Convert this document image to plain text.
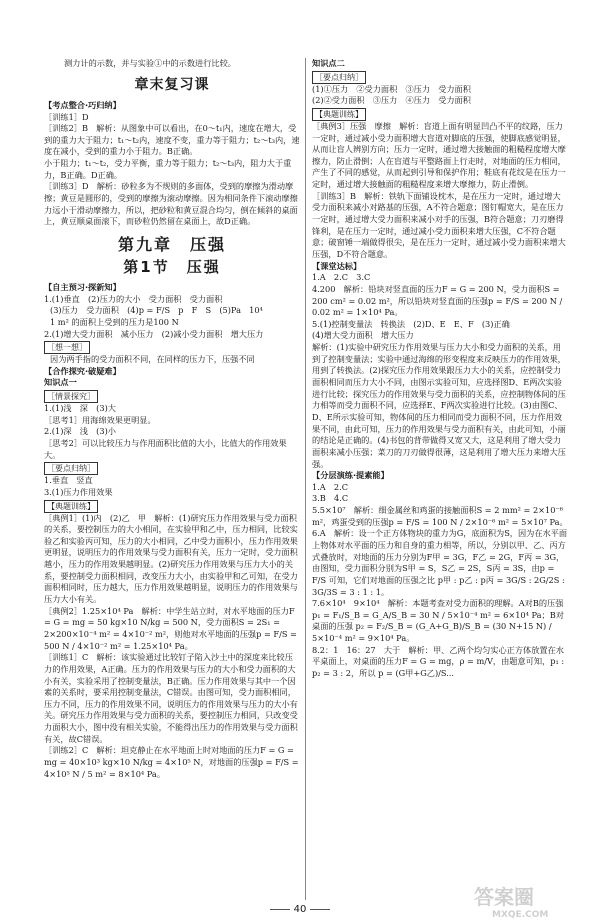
测力计的示数，并与实验①中的示数进行比较。

章末复习课

【考点整合·巧归纳】

［训练1］D

［训练2］B　解析：从图象中可以看出，在0～t₁内，速度在增大，受到的重力大于阻力；t₁～t₂内，速度不变，重力等于阻力；t₂～t₃内，速度在减小，受到的重力小于阻力。B正确。

小于阻力；t₁～t₂，受力平衡，重力等于阻力；t₂～t₃内，阻力大于重力，B正确。D正确。

［训练3］D　解析：砂粒多为不规则的多面体，受到的摩擦为滑动摩擦；黄豆是圆形的，受到的摩擦为滚动摩擦。因为相同条件下滚动摩擦力远小于滑动摩擦力，所以，把砂粒和黄豆混合均匀，倒在倾斜的桌面上，黄豆顺桌面滚下，而砂粒仍然留在桌面上，故D正确。

第九章　压强
第1节　压强

【自主预习·探新知】

1.(1)垂直　(2)压力的大小　受力面积　受力面积

(3)压力　受力面积　(4)p = F/S　p　F　S　(5)Pa　10⁴

1 m² 的面积上受到的压力是100 N

2.(1)增大受力面积　减小压力　(2)减小受力面积　增大压力

［想一想］

因为两手指的受力面积不同，在同样的压力下，压强不同

【合作探究·破疑难】

知识点一

［情景探究］

1.(1)浅　深　(3)大

［思考1］用海绵效果更明显。

2.(1)深　浅　(3)小

［思考2］可以比较压力与作用面积比值的大小，比值大的作用效果大。

［要点归纳］

1.垂直　竖直

3.(1)压力作用效果

【典题训练】

［典例1］(1)内　(2)乙　甲　解析：(1)研究压力作用效果与受力面积的关系，要控制压力的大小相同，在实验甲和乙中，压力相同，比较实验乙和实验丙可知，压力的大小相同，乙中受力面积小，压力作用效果更明显，说明压力的作用效果与受力面积有关，压力一定时，受力面积越小，压力的作用效果越明显。(2)研究压力作用效果与压力大小的关系，要控制受力面积相同，改变压力大小，由实验甲和乙可知，在受力面积相同时，压力越大，压力作用效果越明显，说明压力的作用效果与压力大小有关。

［典例2］1.25×10⁴ Pa　解析：中学生站立时，对水平地面的压力F = G = mg = 50 kg×10 N/kg = 500 N，受力面积S = 2S₁ = 2×200×10⁻⁴ m² = 4×10⁻² m²，则他对水平地面的压强p = F/S = 500 N / 4×10⁻² m² = 1.25×10⁴ Pa。

［训练1］C　解析：该实验通过比较钉子陷入沙土中的深度来比较压力的作用效果，A正确。压力的作用效果与压力的大小和受力面积的大小有关，实验采用了控制变量法，B正确。压力作用效果与其中一个因素的关系时，要采用控制变量法，C错误。由图可知，受力面积相同，压力不同，压力的作用效果不同，说明压力的作用效果与压力的大小有关。研究压力作用效果与受力面积的关系，要控制压力相同，只改变受力面积大小，图中没有相关实验，不能得出压力的作用效果与受力面积有关，故C错误。

［训练2］C　解析：坦克静止在水平地面上时对地面的压力F = G = mg = 40×10³ kg×10 N/kg = 4×10⁵ N，对地面的压强p = F/S = 4×10⁵ N / 5 m² = 8×10⁴ Pa。

知识点二

［要点归纳］

(1)①压力　②受力面积　③压力　受力面积

(2)②受力面积　③压力　④压力　受力面积

【典题训练】

［典例3］压强　摩擦　解析：盲道上面有明显凹凸不平的纹路，压力一定时，通过减小受力面积增大盲道对脚底的压强，使脚底感觉明显，从而让盲人辨别方向；压力一定时，通过增大接触面的粗糙程度增大摩擦力，防止滑倒；人在盲道与平整路面上行走时，对地面的压力相同，产生了不同的感觉，从而起到引导和保护作用；鞋底有花纹是在压力一定时，通过增大接触面的粗糙程度来增大摩擦力，防止滑倒。

［训练3］B　解析：铁轨下面铺设枕木，是在压力一定时，通过增大受力面积来减小对路基的压强，A不符合题意；图钉帽宽大，是在压力一定时，通过增大受力面积来减小对手的压强，B符合题意；刀刃磨得锋利，是在压力一定时，通过减小受力面积来增大压强，C不符合题意；破窗锤一端做得很尖，是在压力一定时，通过减小受力面积来增大压强，D不符合题意。

【课堂达标】

1.A　2.C　3.C

4.200　解析：铅块对竖直面的压力F = G = 200 N，受力面积S = 200 cm² = 0.02 m²，所以铅块对竖直面的压强p = F/S = 200 N / 0.02 m² = 1×10⁴ Pa。

5.(1)控制变量法　转换法　(2)D、E　E、F　(3)正确

(4)增大受力面积　增大压力

解析：(1)实验中研究压力作用效果与压力大小和受力面积的关系，用到了控制变量法；实验中通过海绵的形变程度来反映压力的作用效果，用到了转换法。(2)探究压力作用效果跟压力大小的关系，应控制受力面积相同而压力大小不同，由图示实验可知，应选择图D、E两次实验进行比较；探究压力的作用效果与受力面积的关系，应控制物体间的压力相等而受力面积不同，应选择E、F两次实验进行比较。(3)由图C、D、E所示实验可知，物体间的压力相同而受力面积不同，压力作用效果不同，由此可知，压力的作用效果与受力面积有关，由此可知，小丽的结论是正确的。(4)书包的背带做得又宽又大，这是利用了增大受力面积来减小压强；菜刀的刀刃做得很薄，这是利用了增大压力来增大压强。

【分层演练·提素能】

1.A　2.C

3.B　4.C

5.5×10⁷　解析：细金属丝和鸡蛋的接触面积S = 2 mm² = 2×10⁻⁶ m²，鸡蛋受到的压强p = F/S = 100 N / 2×10⁻⁶ m² = 5×10⁷ Pa。

6.A　解析：设一个正方体物块的重力为G，底面积为S，因为在水平面上物体对水平面的压力和自身的重力相等，所以，分别以甲、乙、丙方式叠放时，对地面的压力分别为F甲 = 3G，F乙 = 2G，F丙 = 3G，由图知，受力面积分别为S甲 = S，S乙 = 2S，S丙 = 3S，由p = F/S 可知，它们对地面的压强之比 p甲 : p乙 : p丙 = 3G/S : 2G/2S : 3G/3S = 3 : 1 : 1。

7.6×10⁴　9×10⁴　解析：本题考查对受力面积的理解。A对B的压强 p₁ = F₁/S_B = G_A/S_B = 30 N / 5×10⁻⁴ m² = 6×10⁴ Pa；B对桌面的压强 p₂ = F₂/S_B = (G_A+G_B)/S_B = (30 N+15 N) / 5×10⁻⁴ m² = 9×10⁴ Pa。

8.2：1　16：27　大于　解析：甲、乙两个均匀实心正方体放置在水平桌面上，对桌面的压力F = G = mg，ρ = m/V，由题意可知，p₁ : p₂ = 3 : 2，所以 p = (G甲+G乙)/S...

40
答案圈
MXQE.COM
